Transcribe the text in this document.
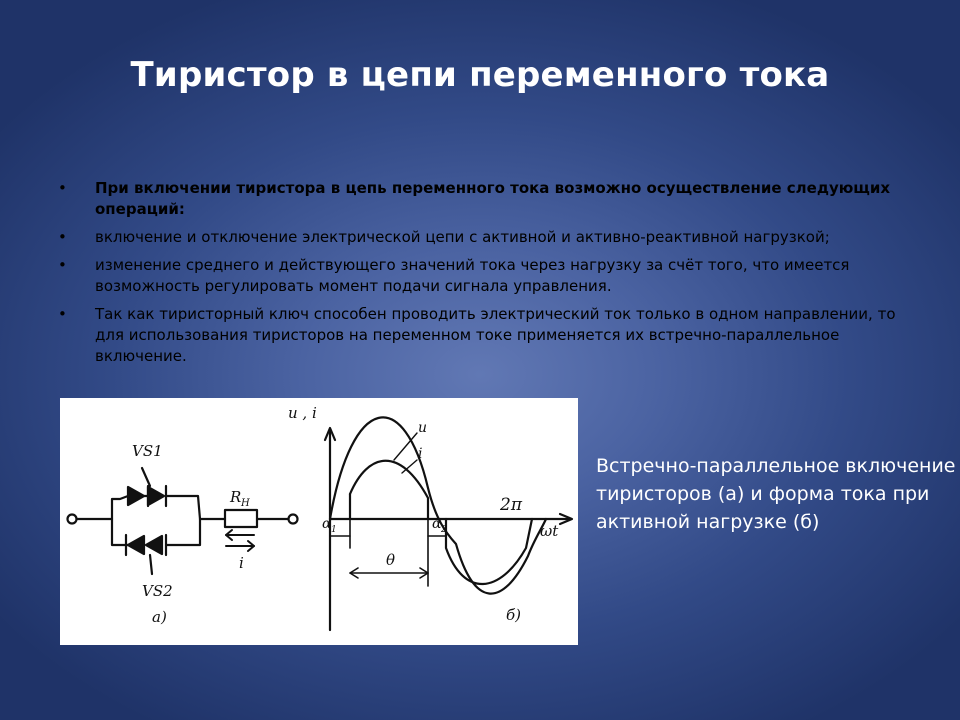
Тиристор в цепи переменного тока
• При включении тиристора в цепь переменного тока возможно осуществление следующих операций:
• включение и отключение электрической цепи с активной и активно-реактивной нагрузкой;
• изменение среднего и действующего значений тока через нагрузку за счёт того, что имеется возможность регулировать момент подачи сигнала управления.
• Так как тиристорный ключ способен проводить электрический ток только в одном направлении, то для использования тиристоров на переменном токе применяется их встречно-параллельное включение.
VS1
VS2
R H
i
a)
u , i
ωt
u
i
α 1	α 2
θ
2π
б)
Встречно-параллельное включение тиристоров (а) и форма тока при активной нагрузке (б)
